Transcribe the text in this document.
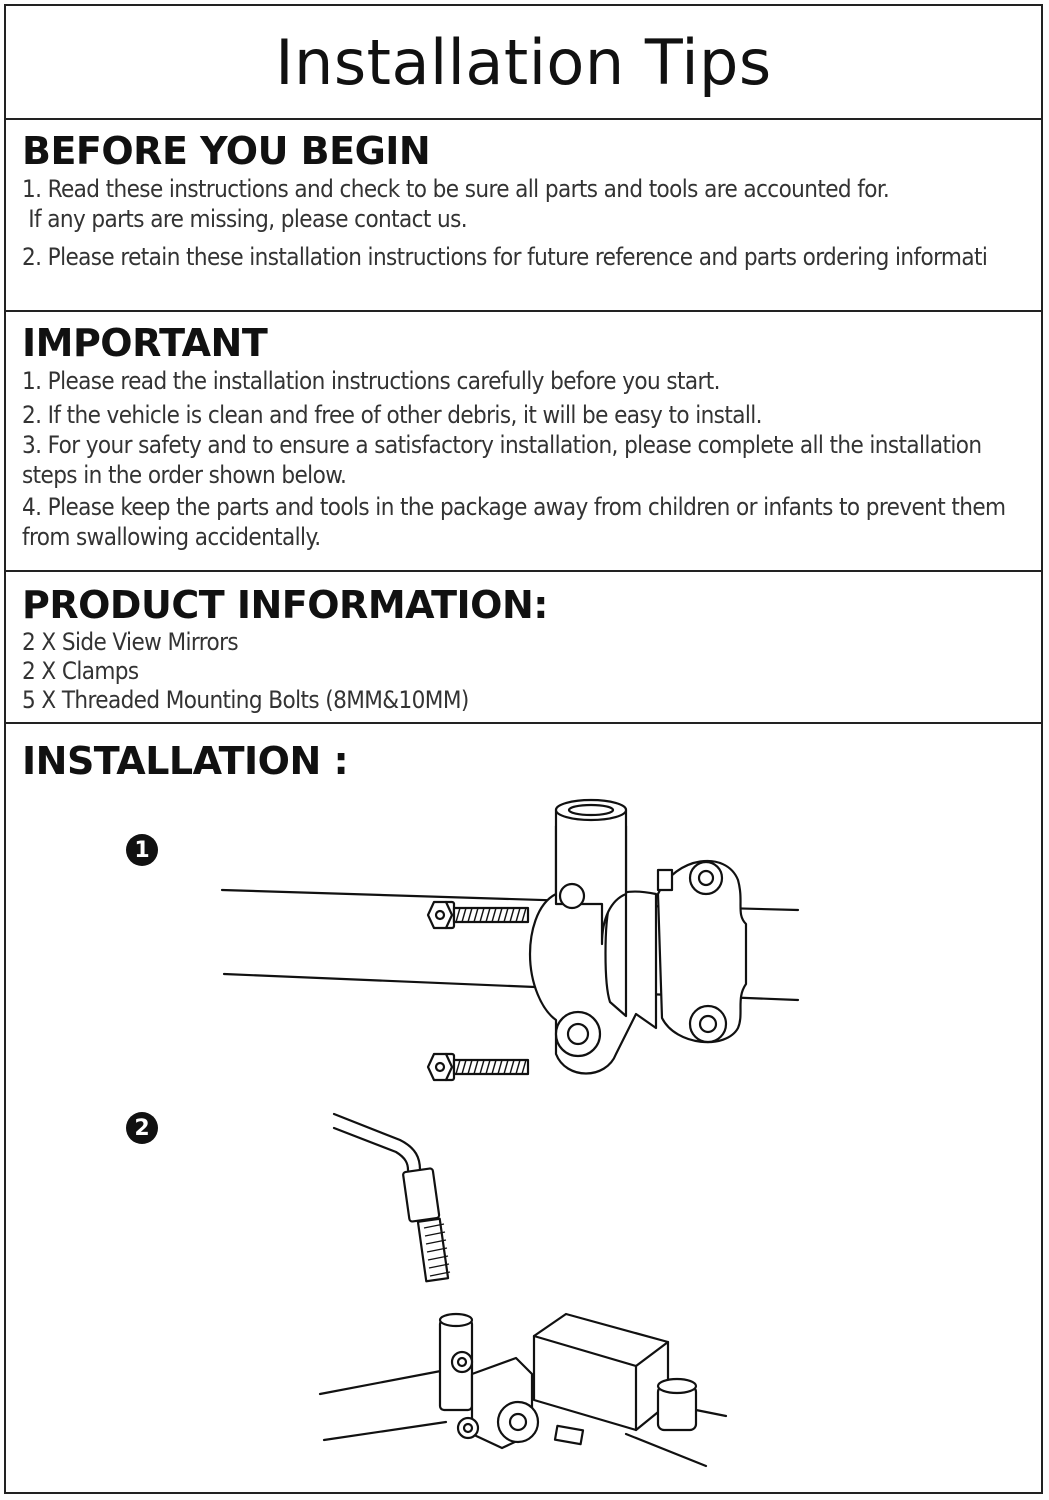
Installation Tips
BEFORE YOU BEGIN
1. Read these instructions and check to be sure all parts and tools are accounted for.
If any parts are missing, please contact us.
2. Please retain these installation instructions for future reference and parts ordering informati
IMPORTANT
1. Please read the installation instructions carefully before you start.
2. If the vehicle is clean and free of other debris, it will be easy to install.
3. For your safety and to ensure a satisfactory installation, please complete all the installation steps in the order shown below.
4. Please keep the parts and tools in the package away from children or infants to prevent them from swallowing accidentally.
PRODUCT INFORMATION:
2 X Side View Mirrors
2 X Clamps
5 X Threaded Mounting Bolts (8MM&10MM)
INSTALLATION :
1
2
